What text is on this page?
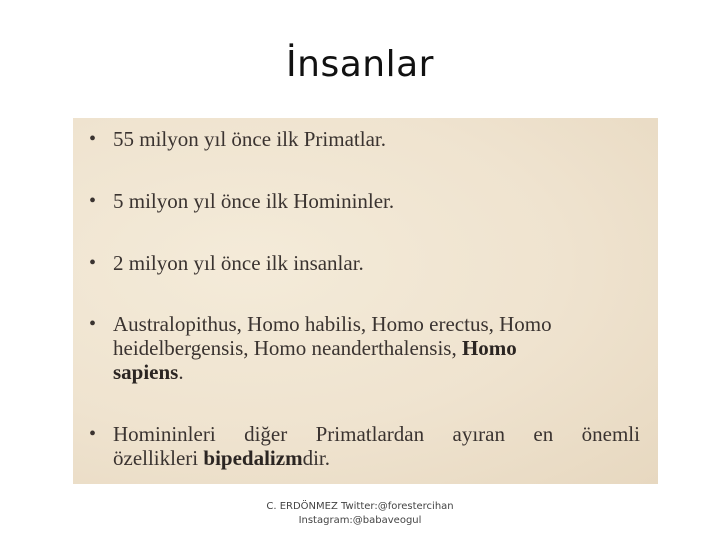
İnsanlar
• 55 milyon yıl önce ilk Primatlar.
• 5 milyon yıl önce ilk Homininler.
• 2 milyon yıl önce ilk insanlar.
• Australopithus, Homo habilis, Homo erectus, Homo
heidelbergensis, Homo neanderthalensis, Homo
sapiens.
• Homininleri diğer Primatlardan ayıran en önemli
özellikleri bipedalizmdir.
C. ERDÖNMEZ Twitter:@forestercihan
Instagram:@babaveogul
